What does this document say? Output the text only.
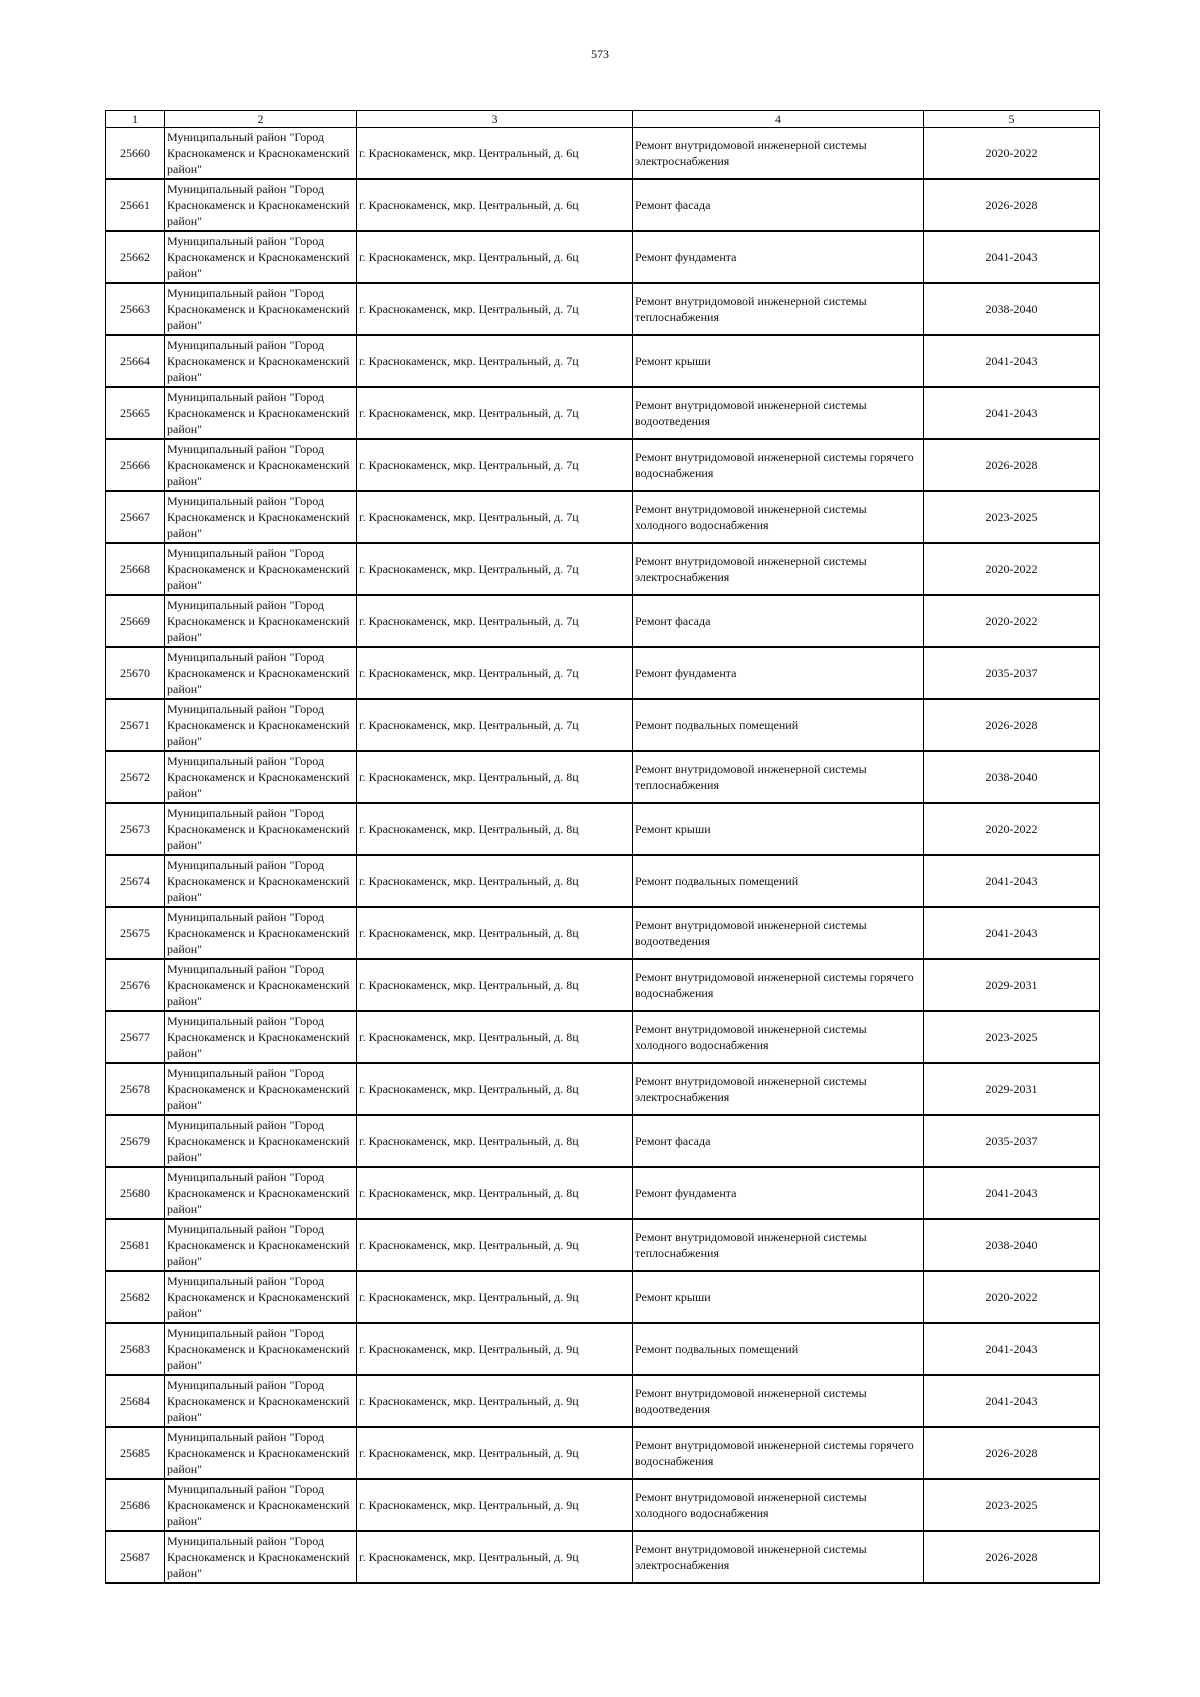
573
1	2	3	4	5
25660	Муниципальный район "Город Краснокаменск и Краснокаменский район"	г. Краснокаменск, мкр. Центральный, д. 6ц	Ремонт внутридомовой инженерной системы электроснабжения	2020-2022
25661	Муниципальный район "Город Краснокаменск и Краснокаменский район"	г. Краснокаменск, мкр. Центральный, д. 6ц	Ремонт фасада	2026-2028
25662	Муниципальный район "Город Краснокаменск и Краснокаменский район"	г. Краснокаменск, мкр. Центральный, д. 6ц	Ремонт фундамента	2041-2043
25663	Муниципальный район "Город Краснокаменск и Краснокаменский район"	г. Краснокаменск, мкр. Центральный, д. 7ц	Ремонт внутридомовой инженерной системы теплоснабжения	2038-2040
25664	Муниципальный район "Город Краснокаменск и Краснокаменский район"	г. Краснокаменск, мкр. Центральный, д. 7ц	Ремонт крыши	2041-2043
25665	Муниципальный район "Город Краснокаменск и Краснокаменский район"	г. Краснокаменск, мкр. Центральный, д. 7ц	Ремонт внутридомовой инженерной системы водоотведения	2041-2043
25666	Муниципальный район "Город Краснокаменск и Краснокаменский район"	г. Краснокаменск, мкр. Центральный, д. 7ц	Ремонт внутридомовой инженерной системы горячего водоснабжения	2026-2028
25667	Муниципальный район "Город Краснокаменск и Краснокаменский район"	г. Краснокаменск, мкр. Центральный, д. 7ц	Ремонт внутридомовой инженерной системы холодного водоснабжения	2023-2025
25668	Муниципальный район "Город Краснокаменск и Краснокаменский район"	г. Краснокаменск, мкр. Центральный, д. 7ц	Ремонт внутридомовой инженерной системы электроснабжения	2020-2022
25669	Муниципальный район "Город Краснокаменск и Краснокаменский район"	г. Краснокаменск, мкр. Центральный, д. 7ц	Ремонт фасада	2020-2022
25670	Муниципальный район "Город Краснокаменск и Краснокаменский район"	г. Краснокаменск, мкр. Центральный, д. 7ц	Ремонт фундамента	2035-2037
25671	Муниципальный район "Город Краснокаменск и Краснокаменский район"	г. Краснокаменск, мкр. Центральный, д. 7ц	Ремонт подвальных помещений	2026-2028
25672	Муниципальный район "Город Краснокаменск и Краснокаменский район"	г. Краснокаменск, мкр. Центральный, д. 8ц	Ремонт внутридомовой инженерной системы теплоснабжения	2038-2040
25673	Муниципальный район "Город Краснокаменск и Краснокаменский район"	г. Краснокаменск, мкр. Центральный, д. 8ц	Ремонт крыши	2020-2022
25674	Муниципальный район "Город Краснокаменск и Краснокаменский район"	г. Краснокаменск, мкр. Центральный, д. 8ц	Ремонт подвальных помещений	2041-2043
25675	Муниципальный район "Город Краснокаменск и Краснокаменский район"	г. Краснокаменск, мкр. Центральный, д. 8ц	Ремонт внутридомовой инженерной системы водоотведения	2041-2043
25676	Муниципальный район "Город Краснокаменск и Краснокаменский район"	г. Краснокаменск, мкр. Центральный, д. 8ц	Ремонт внутридомовой инженерной системы горячего водоснабжения	2029-2031
25677	Муниципальный район "Город Краснокаменск и Краснокаменский район"	г. Краснокаменск, мкр. Центральный, д. 8ц	Ремонт внутридомовой инженерной системы холодного водоснабжения	2023-2025
25678	Муниципальный район "Город Краснокаменск и Краснокаменский район"	г. Краснокаменск, мкр. Центральный, д. 8ц	Ремонт внутридомовой инженерной системы электроснабжения	2029-2031
25679	Муниципальный район "Город Краснокаменск и Краснокаменский район"	г. Краснокаменск, мкр. Центральный, д. 8ц	Ремонт фасада	2035-2037
25680	Муниципальный район "Город Краснокаменск и Краснокаменский район"	г. Краснокаменск, мкр. Центральный, д. 8ц	Ремонт фундамента	2041-2043
25681	Муниципальный район "Город Краснокаменск и Краснокаменский район"	г. Краснокаменск, мкр. Центральный, д. 9ц	Ремонт внутридомовой инженерной системы теплоснабжения	2038-2040
25682	Муниципальный район "Город Краснокаменск и Краснокаменский район"	г. Краснокаменск, мкр. Центральный, д. 9ц	Ремонт крыши	2020-2022
25683	Муниципальный район "Город Краснокаменск и Краснокаменский район"	г. Краснокаменск, мкр. Центральный, д. 9ц	Ремонт подвальных помещений	2041-2043
25684	Муниципальный район "Город Краснокаменск и Краснокаменский район"	г. Краснокаменск, мкр. Центральный, д. 9ц	Ремонт внутридомовой инженерной системы водоотведения	2041-2043
25685	Муниципальный район "Город Краснокаменск и Краснокаменский район"	г. Краснокаменск, мкр. Центральный, д. 9ц	Ремонт внутридомовой инженерной системы горячего водоснабжения	2026-2028
25686	Муниципальный район "Город Краснокаменск и Краснокаменский район"	г. Краснокаменск, мкр. Центральный, д. 9ц	Ремонт внутридомовой инженерной системы холодного водоснабжения	2023-2025
25687	Муниципальный район "Город Краснокаменск и Краснокаменский район"	г. Краснокаменск, мкр. Центральный, д. 9ц	Ремонт внутридомовой инженерной системы электроснабжения	2026-2028
